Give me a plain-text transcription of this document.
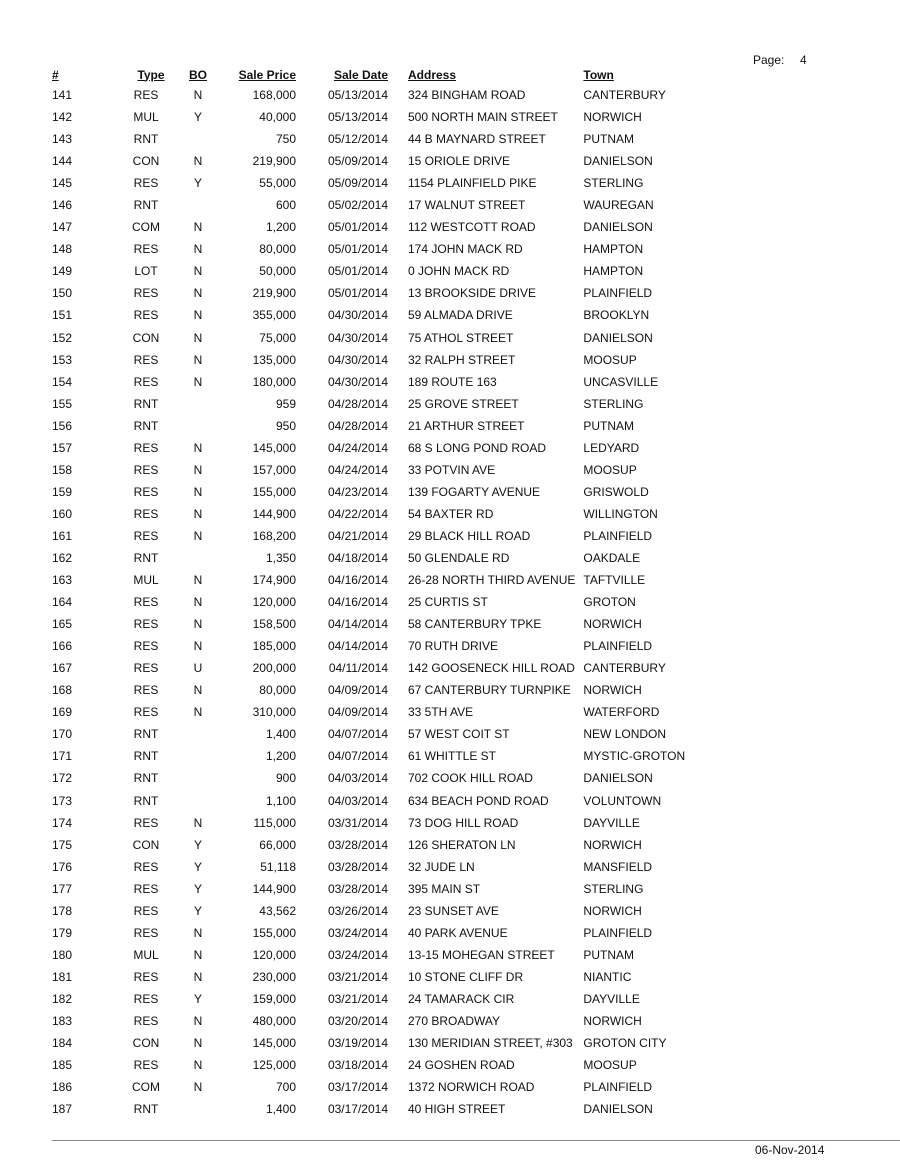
Page: 4
#	Type	BO	Sale Price	Sale Date	Address	Town
141	RES	N	168,000	05/13/2014	324 BINGHAM ROAD	CANTERBURY
142	MUL	Y	40,000	05/13/2014	500 NORTH MAIN STREET	NORWICH
143	RNT		750	05/12/2014	44 B MAYNARD STREET	PUTNAM
144	CON	N	219,900	05/09/2014	15 ORIOLE DRIVE	DANIELSON
145	RES	Y	55,000	05/09/2014	1154 PLAINFIELD PIKE	STERLING
146	RNT		600	05/02/2014	17 WALNUT STREET	WAUREGAN
147	COM	N	1,200	05/01/2014	112 WESTCOTT ROAD	DANIELSON
148	RES	N	80,000	05/01/2014	174 JOHN MACK RD	HAMPTON
149	LOT	N	50,000	05/01/2014	0 JOHN MACK RD	HAMPTON
150	RES	N	219,900	05/01/2014	13 BROOKSIDE DRIVE	PLAINFIELD
151	RES	N	355,000	04/30/2014	59 ALMADA DRIVE	BROOKLYN
152	CON	N	75,000	04/30/2014	75 ATHOL STREET	DANIELSON
153	RES	N	135,000	04/30/2014	32 RALPH STREET	MOOSUP
154	RES	N	180,000	04/30/2014	189 ROUTE 163	UNCASVILLE
155	RNT		959	04/28/2014	25 GROVE STREET	STERLING
156	RNT		950	04/28/2014	21 ARTHUR STREET	PUTNAM
157	RES	N	145,000	04/24/2014	68 S LONG POND ROAD	LEDYARD
158	RES	N	157,000	04/24/2014	33 POTVIN AVE	MOOSUP
159	RES	N	155,000	04/23/2014	139 FOGARTY AVENUE	GRISWOLD
160	RES	N	144,900	04/22/2014	54 BAXTER RD	WILLINGTON
161	RES	N	168,200	04/21/2014	29 BLACK HILL ROAD	PLAINFIELD
162	RNT		1,350	04/18/2014	50 GLENDALE RD	OAKDALE
163	MUL	N	174,900	04/16/2014	26-28 NORTH THIRD AVENUE	TAFTVILLE
164	RES	N	120,000	04/16/2014	25 CURTIS ST	GROTON
165	RES	N	158,500	04/14/2014	58 CANTERBURY TPKE	NORWICH
166	RES	N	185,000	04/14/2014	70 RUTH DRIVE	PLAINFIELD
167	RES	U	200,000	04/11/2014	142 GOOSENECK HILL ROAD	CANTERBURY
168	RES	N	80,000	04/09/2014	67 CANTERBURY TURNPIKE	NORWICH
169	RES	N	310,000	04/09/2014	33 5TH AVE	WATERFORD
170	RNT		1,400	04/07/2014	57 WEST COIT ST	NEW LONDON
171	RNT		1,200	04/07/2014	61 WHITTLE ST	MYSTIC-GROTON
172	RNT		900	04/03/2014	702 COOK HILL ROAD	DANIELSON
173	RNT		1,100	04/03/2014	634 BEACH POND ROAD	VOLUNTOWN
174	RES	N	115,000	03/31/2014	73 DOG HILL ROAD	DAYVILLE
175	CON	Y	66,000	03/28/2014	126 SHERATON LN	NORWICH
176	RES	Y	51,118	03/28/2014	32 JUDE LN	MANSFIELD
177	RES	Y	144,900	03/28/2014	395 MAIN ST	STERLING
178	RES	Y	43,562	03/26/2014	23 SUNSET AVE	NORWICH
179	RES	N	155,000	03/24/2014	40 PARK AVENUE	PLAINFIELD
180	MUL	N	120,000	03/24/2014	13-15 MOHEGAN STREET	PUTNAM
181	RES	N	230,000	03/21/2014	10 STONE CLIFF DR	NIANTIC
182	RES	Y	159,000	03/21/2014	24 TAMARACK CIR	DAYVILLE
183	RES	N	480,000	03/20/2014	270 BROADWAY	NORWICH
184	CON	N	145,000	03/19/2014	130 MERIDIAN STREET, #303	GROTON CITY
185	RES	N	125,000	03/18/2014	24 GOSHEN ROAD	MOOSUP
186	COM	N	700	03/17/2014	1372 NORWICH ROAD	PLAINFIELD
187	RNT		1,400	03/17/2014	40 HIGH STREET	DANIELSON
06-Nov-2014
